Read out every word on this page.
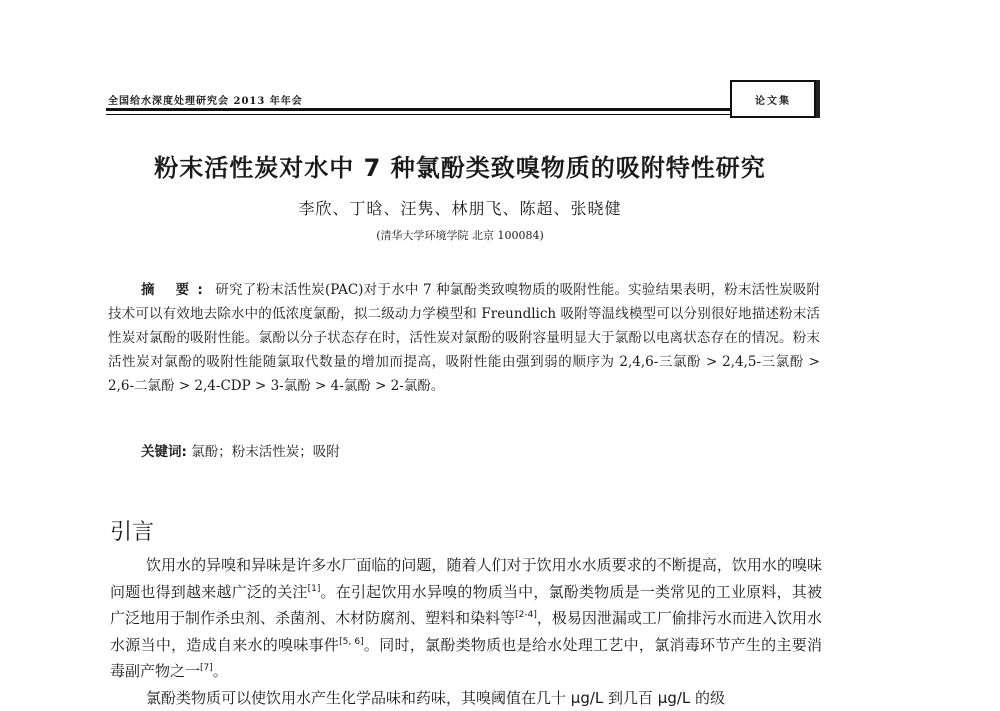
全国给水深度处理研究会 2013 年年会	论文集
粉末活性炭对水中 7 种氯酚类致嗅物质的吸附特性研究
李欣、丁晗、汪隽、林朋飞、陈超、张晓健
(清华大学环境学院 北京 100084)
摘 要: 研究了粉末活性炭(PAC)对于水中 7 种氯酚类致嗅物质的吸附性能。实验结果表明，粉末活性炭吸附技术可以有效地去除水中的低浓度氯酚，拟二级动力学模型和 Freundlich 吸附等温线模型可以分别很好地描述粉末活性炭对氯酚的吸附性能。氯酚以分子状态存在时，活性炭对氯酚的吸附容量明显大于氯酚以电离状态存在的情况。粉末活性炭对氯酚的吸附性能随氯取代数量的增加而提高，吸附性能由强到弱的顺序为 2,4,6-三氯酚 > 2,4,5-三氯酚 > 2,6-二氯酚 > 2,4-CDP > 3-氯酚 > 4-氯酚 > 2-氯酚。
关键词: 氯酚；粉末活性炭；吸附
引言

饮用水的异嗅和异味是许多水厂面临的问题，随着人们对于饮用水水质要求的不断提高，饮用水的嗅味问题也得到越来越广泛的关注[1]。在引起饮用水异嗅的物质当中，氯酚类物质是一类常见的工业原料，其被广泛地用于制作杀虫剂、杀菌剂、木材防腐剂、塑料和染料等[2-4]，极易因泄漏或工厂偷排污水而进入饮用水水源当中，造成自来水的嗅味事件[5, 6]。同时，氯酚类物质也是给水处理工艺中，氯消毒环节产生的主要消毒副产物之一[7]。

氯酚类物质可以使饮用水产生化学品味和药味，其嗅阈值在几十 μg/L 到几百 μg/L 的级
